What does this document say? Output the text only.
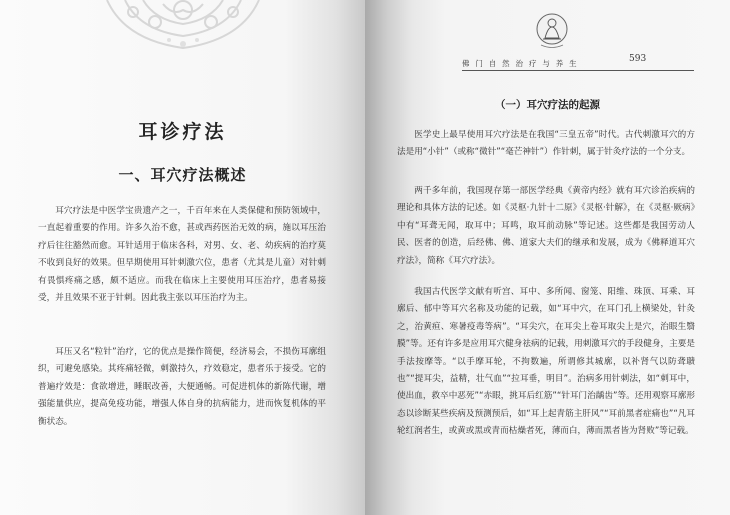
耳诊疗法
一、耳穴疗法概述

耳穴疗法是中医学宝贵遗产之一，千百年来在人类保健和预防领域中，一直起着重要的作用。许多久治不愈，甚或西药医治无效的病，施以耳压治疗后往往豁然而愈。耳针适用于临床各科，对男、女、老、幼疾病的治疗莫不收到良好的效果。但早期使用耳针刺激穴位，患者（尤其是儿童）对针刺有畏惧疼痛之感，颇不适应。而我在临床上主要使用耳压治疗，患者易接受，并且效果不亚于针刺。因此我主张以耳压治疗为主。

耳压又名“粒针”治疗，它的优点是操作简便，经济易会，不损伤耳廓组织，可避免感染。其疼痛轻微，刺激持久，疗效稳定，患者乐于接受。它的普遍疗效是：食欲增进，睡眠改善，大便通畅。可促进机体的新陈代谢，增强能量供应，提高免疫功能，增强人体自身的抗病能力，进而恢复机体的平衡状态。

佛门自然治疗与养生	593
（一）耳穴疗法的起源

医学史上最早使用耳穴疗法是在我国“三皇五帝”时代。古代刺激耳穴的方法是用“小针”（或称“微针”“毫芒神针”）作针刺，属于针灸疗法的一个分支。

两千多年前，我国现存第一部医学经典《黄帝内经》就有耳穴诊治疾病的理论和具体方法的记述。如《灵枢·九针十二原》《灵枢·针解》，在《灵枢·厥病》中有“耳聋无闻，取耳中；耳鸣，取耳前动脉”等记述。这些都是我国劳动人民、医者的创造，后经佛、佛、道家大夫们的继承和发展，成为《佛释道耳穴疗法》，简称《耳穴疗法》。

我国古代医学文献有听宫、耳中、多所闻、窗笼、阳维、珠顶、耳乘、耳廓后、郁中等耳穴名称及功能的记载，如“耳中穴，在耳门孔上横梁处，针灸之，治黄疸、寒暑疫毒等病”。“耳尖穴，在耳尖上卷耳取尖上是穴，治眼生翳膜”等。还有许多是应用耳穴健身祛病的记载，用刺激耳穴的手段健身，主要是手法按摩等。“以手摩耳轮，不拘数遍，所谓修其城廓，以补肾气以防聋聩也”“提耳尖，益精，壮气血”“拉耳垂，明目”。治病多用针刺法，如“刺耳中，使出血，救卒中恶死”“赤眼，挑耳后红筋”“针耳门治龋齿”等。还用观察耳廓形态以诊断某些疾病及预测预后，如“耳上起青筋主肝风”“耳前黑者症痛也”“凡耳轮红润者生，或黄或黑或青而枯燥者死，薄而白，薄而黑者皆为肾败”等记载。
